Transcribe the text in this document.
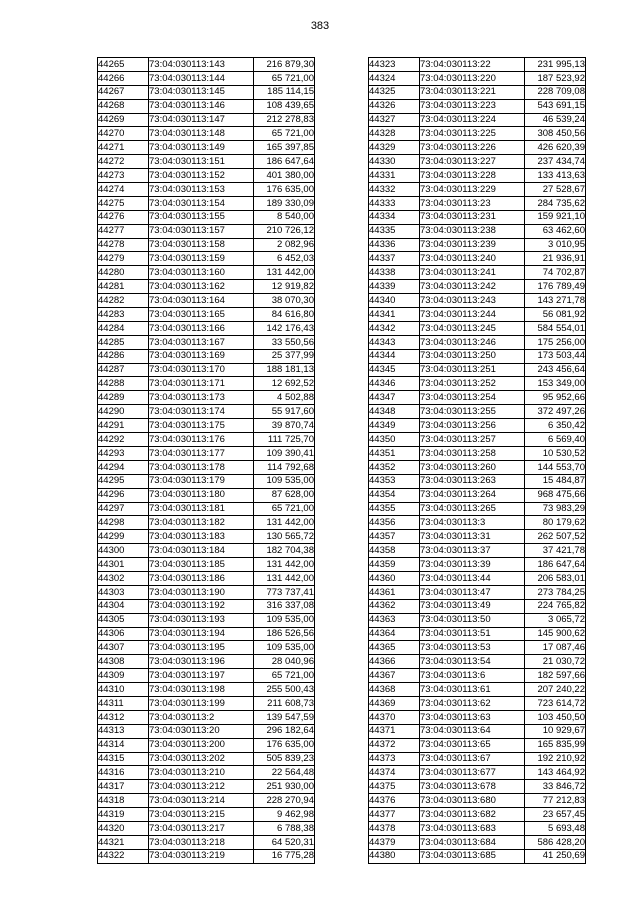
383
44265	73:04:030113:143	216 879,30
44266	73:04:030113:144	65 721,00
44267	73:04:030113:145	185 114,15
44268	73:04:030113:146	108 439,65
44269	73:04:030113:147	212 278,83
44270	73:04:030113:148	65 721,00
44271	73:04:030113:149	165 397,85
44272	73:04:030113:151	186 647,64
44273	73:04:030113:152	401 380,00
44274	73:04:030113:153	176 635,00
44275	73:04:030113:154	189 330,09
44276	73:04:030113:155	8 540,00
44277	73:04:030113:157	210 726,12
44278	73:04:030113:158	2 082,96
44279	73:04:030113:159	6 452,03
44280	73:04:030113:160	131 442,00
44281	73:04:030113:162	12 919,82
44282	73:04:030113:164	38 070,30
44283	73:04:030113:165	84 616,80
44284	73:04:030113:166	142 176,43
44285	73:04:030113:167	33 550,56
44286	73:04:030113:169	25 377,99
44287	73:04:030113:170	188 181,13
44288	73:04:030113:171	12 692,52
44289	73:04:030113:173	4 502,88
44290	73:04:030113:174	55 917,60
44291	73:04:030113:175	39 870,74
44292	73:04:030113:176	111 725,70
44293	73:04:030113:177	109 390,41
44294	73:04:030113:178	114 792,68
44295	73:04:030113:179	109 535,00
44296	73:04:030113:180	87 628,00
44297	73:04:030113:181	65 721,00
44298	73:04:030113:182	131 442,00
44299	73:04:030113:183	130 565,72
44300	73:04:030113:184	182 704,38
44301	73:04:030113:185	131 442,00
44302	73:04:030113:186	131 442,00
44303	73:04:030113:190	773 737,41
44304	73:04:030113:192	316 337,08
44305	73:04:030113:193	109 535,00
44306	73:04:030113:194	186 526,56
44307	73:04:030113:195	109 535,00
44308	73:04:030113:196	28 040,96
44309	73:04:030113:197	65 721,00
44310	73:04:030113:198	255 500,43
44311	73:04:030113:199	211 608,73
44312	73:04:030113:2	139 547,59
44313	73:04:030113:20	296 182,64
44314	73:04:030113:200	176 635,00
44315	73:04:030113:202	505 839,23
44316	73:04:030113:210	22 564,48
44317	73:04:030113:212	251 930,00
44318	73:04:030113:214	228 270,94
44319	73:04:030113:215	9 462,98
44320	73:04:030113:217	6 788,38
44321	73:04:030113:218	64 520,31
44322	73:04:030113:219	16 775,28
44323	73:04:030113:22	231 995,13
44324	73:04:030113:220	187 523,92
44325	73:04:030113:221	228 709,08
44326	73:04:030113:223	543 691,15
44327	73:04:030113:224	46 539,24
44328	73:04:030113:225	308 450,56
44329	73:04:030113:226	426 620,39
44330	73:04:030113:227	237 434,74
44331	73:04:030113:228	133 413,63
44332	73:04:030113:229	27 528,67
44333	73:04:030113:23	284 735,62
44334	73:04:030113:231	159 921,10
44335	73:04:030113:238	63 462,60
44336	73:04:030113:239	3 010,95
44337	73:04:030113:240	21 936,91
44338	73:04:030113:241	74 702,87
44339	73:04:030113:242	176 789,49
44340	73:04:030113:243	143 271,78
44341	73:04:030113:244	56 081,92
44342	73:04:030113:245	584 554,01
44343	73:04:030113:246	175 256,00
44344	73:04:030113:250	173 503,44
44345	73:04:030113:251	243 456,64
44346	73:04:030113:252	153 349,00
44347	73:04:030113:254	95 952,66
44348	73:04:030113:255	372 497,26
44349	73:04:030113:256	6 350,42
44350	73:04:030113:257	6 569,40
44351	73:04:030113:258	10 530,52
44352	73:04:030113:260	144 553,70
44353	73:04:030113:263	15 484,87
44354	73:04:030113:264	968 475,66
44355	73:04:030113:265	73 983,29
44356	73:04:030113:3	80 179,62
44357	73:04:030113:31	262 507,52
44358	73:04:030113:37	37 421,78
44359	73:04:030113:39	186 647,64
44360	73:04:030113:44	206 583,01
44361	73:04:030113:47	273 784,25
44362	73:04:030113:49	224 765,82
44363	73:04:030113:50	3 065,72
44364	73:04:030113:51	145 900,62
44365	73:04:030113:53	17 087,46
44366	73:04:030113:54	21 030,72
44367	73:04:030113:6	182 597,66
44368	73:04:030113:61	207 240,22
44369	73:04:030113:62	723 614,72
44370	73:04:030113:63	103 450,50
44371	73:04:030113:64	10 929,67
44372	73:04:030113:65	165 835,99
44373	73:04:030113:67	192 210,92
44374	73:04:030113:677	143 464,92
44375	73:04:030113:678	33 846,72
44376	73:04:030113:680	77 212,83
44377	73:04:030113:682	23 657,45
44378	73:04:030113:683	5 693,48
44379	73:04:030113:684	586 428,20
44380	73:04:030113:685	41 250,69
